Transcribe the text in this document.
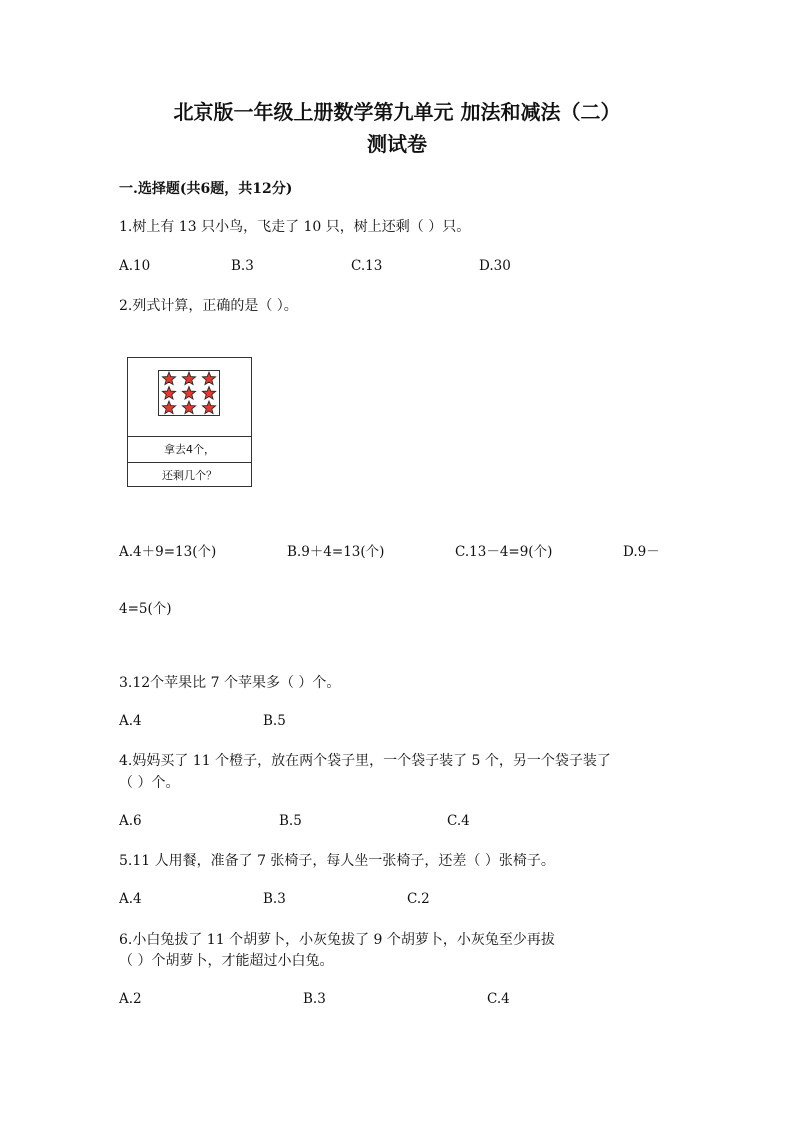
北京版一年级上册数学第九单元 加法和减法（二）
测试卷
一.选择题(共6题，共12分)
1.树上有 13 只小鸟，飞走了 10 只，树上还剩（ ）只。
A.10	B.3	C.13	D.30
2.列式计算，正确的是（ ）。
拿去4个，
还剩几个？
A.4＋9=13(个)	B.9＋4=13(个)	C.13－4=9(个)	D.9－
4=5(个)
3.12个苹果比 7 个苹果多（ ）个。
A.4	B.5
4.妈妈买了 11 个橙子，放在两个袋子里，一个袋子装了 5 个，另一个袋子装了
（ ）个。
A.6	B.5	C.4
5.11 人用餐，准备了 7 张椅子，每人坐一张椅子，还差（ ）张椅子。
A.4	B.3	C.2
6.小白兔拔了 11 个胡萝卜，小灰兔拔了 9 个胡萝卜，小灰兔至少再拔
（ ）个胡萝卜，才能超过小白兔。
A.2	B.3	C.4
